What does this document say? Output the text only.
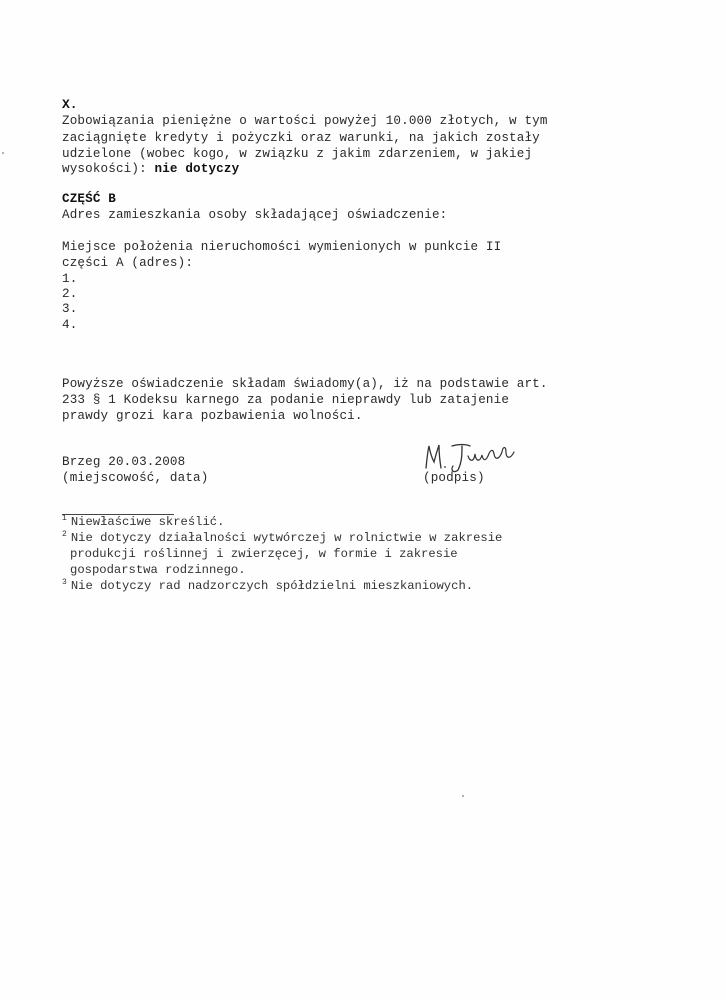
X.
Zobowiązania pieniężne o wartości powyżej 10.000 złotych, w tym
zaciągnięte kredyty i pożyczki oraz warunki, na jakich zostały
udzielone (wobec kogo, w związku z jakim zdarzeniem, w jakiej
wysokości): nie dotyczy
CZĘŚĆ B
Adres zamieszkania osoby składającej oświadczenie:
Miejsce położenia nieruchomości wymienionych w punkcie II
części A (adres):
1.
2.
3.
4.
Powyższe oświadczenie składam świadomy(a), iż na podstawie art.
233 § 1 Kodeksu karnego za podanie nieprawdy lub zatajenie
prawdy grozi kara pozbawienia wolności.
Brzeg 20.03.2008
(miejscowość, data)	(podpis)
$^1$ Niewłaściwe skreślić.
$^2$ Nie dotyczy działalności wytwórczej w rolnictwie w zakresie
produkcji roślinnej i zwierzęcej, w formie i zakresie
gospodarstwa rodzinnego.
$^3$ Nie dotyczy rad nadzorczych spółdzielni mieszkaniowych.
